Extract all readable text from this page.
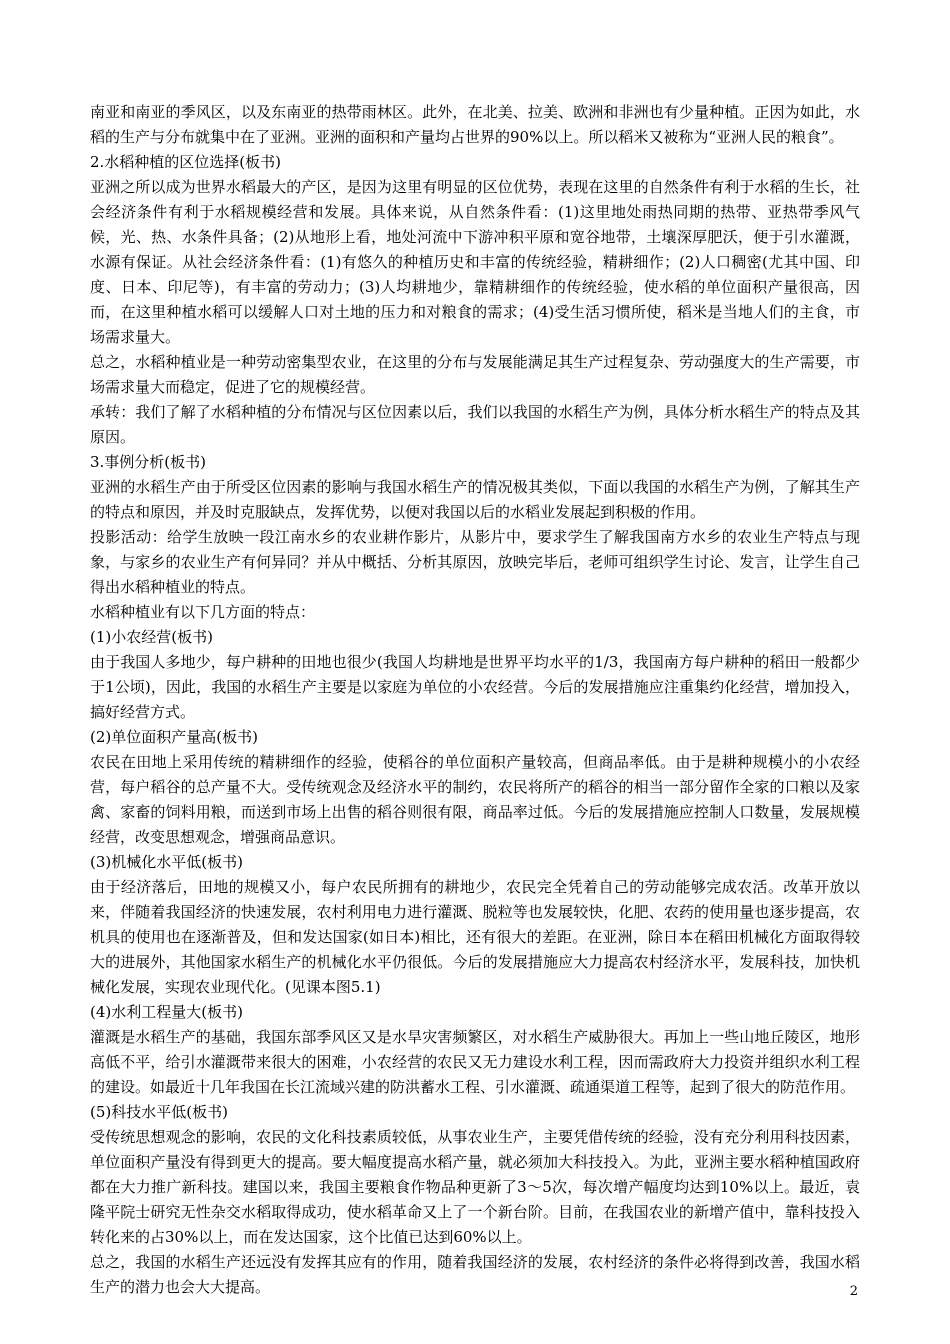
南亚和南亚的季风区，以及东南亚的热带雨林区。此外，在北美、拉美、欧洲和非洲也有少量种植。正因为如此，水稻的生产与分布就集中在了亚洲。亚洲的面积和产量均占世界的90%以上。所以稻米又被称为“亚洲人民的粮食”。

2.水稻种植的区位选择(板书)

亚洲之所以成为世界水稻最大的产区，是因为这里有明显的区位优势，表现在这里的自然条件有利于水稻的生长，社会经济条件有利于水稻规模经营和发展。具体来说，从自然条件看：(1)这里地处雨热同期的热带、亚热带季风气候，光、热、水条件具备；(2)从地形上看，地处河流中下游冲积平原和宽谷地带，土壤深厚肥沃，便于引水灌溉，水源有保证。从社会经济条件看：(1)有悠久的种植历史和丰富的传统经验，精耕细作；(2)人口稠密(尤其中国、印度、日本、印尼等)，有丰富的劳动力；(3)人均耕地少，靠精耕细作的传统经验，使水稻的单位面积产量很高，因而，在这里种植水稻可以缓解人口对土地的压力和对粮食的需求；(4)受生活习惯所使，稻米是当地人们的主食，市场需求量大。

总之，水稻种植业是一种劳动密集型农业，在这里的分布与发展能满足其生产过程复杂、劳动强度大的生产需要，市场需求量大而稳定，促进了它的规模经营。

承转：我们了解了水稻种植的分布情况与区位因素以后，我们以我国的水稻生产为例，具体分析水稻生产的特点及其原因。

3.事例分析(板书)

亚洲的水稻生产由于所受区位因素的影响与我国水稻生产的情况极其类似，下面以我国的水稻生产为例，了解其生产的特点和原因，并及时克服缺点，发挥优势，以便对我国以后的水稻业发展起到积极的作用。

投影活动：给学生放映一段江南水乡的农业耕作影片，从影片中，要求学生了解我国南方水乡的农业生产特点与现象，与家乡的农业生产有何异同？并从中概括、分析其原因，放映完毕后，老师可组织学生讨论、发言，让学生自己得出水稻种植业的特点。

水稻种植业有以下几方面的特点：

(1)小农经营(板书)

由于我国人多地少，每户耕种的田地也很少(我国人均耕地是世界平均水平的1/3，我国南方每户耕种的稻田一般都少于1公顷)，因此，我国的水稻生产主要是以家庭为单位的小农经营。今后的发展措施应注重集约化经营，增加投入，搞好经营方式。

(2)单位面积产量高(板书)

农民在田地上采用传统的精耕细作的经验，使稻谷的单位面积产量较高，但商品率低。由于是耕种规模小的小农经营，每户稻谷的总产量不大。受传统观念及经济水平的制约，农民将所产的稻谷的相当一部分留作全家的口粮以及家禽、家畜的饲料用粮，而送到市场上出售的稻谷则很有限，商品率过低。今后的发展措施应控制人口数量，发展规模经营，改变思想观念，增强商品意识。

(3)机械化水平低(板书)

由于经济落后，田地的规模又小，每户农民所拥有的耕地少，农民完全凭着自己的劳动能够完成农活。改革开放以来，伴随着我国经济的快速发展，农村利用电力进行灌溉、脱粒等也发展较快，化肥、农药的使用量也逐步提高，农机具的使用也在逐渐普及，但和发达国家(如日本)相比，还有很大的差距。在亚洲，除日本在稻田机械化方面取得较大的进展外，其他国家水稻生产的机械化水平仍很低。今后的发展措施应大力提高农村经济水平，发展科技，加快机械化发展，实现农业现代化。(见课本图5.1)

(4)水利工程量大(板书)

灌溉是水稻生产的基础，我国东部季风区又是水旱灾害频繁区，对水稻生产威胁很大。再加上一些山地丘陵区，地形高低不平，给引水灌溉带来很大的困难，小农经营的农民又无力建设水利工程，因而需政府大力投资并组织水利工程的建设。如最近十几年我国在长江流域兴建的防洪蓄水工程、引水灌溉、疏通渠道工程等，起到了很大的防范作用。

(5)科技水平低(板书)

受传统思想观念的影响，农民的文化科技素质较低，从事农业生产，主要凭借传统的经验，没有充分利用科技因素，单位面积产量没有得到更大的提高。要大幅度提高水稻产量，就必须加大科技投入。为此，亚洲主要水稻种植国政府都在大力推广新科技。建国以来，我国主要粮食作物品种更新了3～5次，每次增产幅度均达到10%以上。最近，袁隆平院士研究无性杂交水稻取得成功，使水稻革命又上了一个新台阶。目前，在我国农业的新增产值中，靠科技投入转化来的占30%以上，而在发达国家，这个比值已达到60%以上。

总之，我国的水稻生产还远没有发挥其应有的作用，随着我国经济的发展，农村经济的条件必将得到改善，我国水稻生产的潜力也会大大提高。	2
